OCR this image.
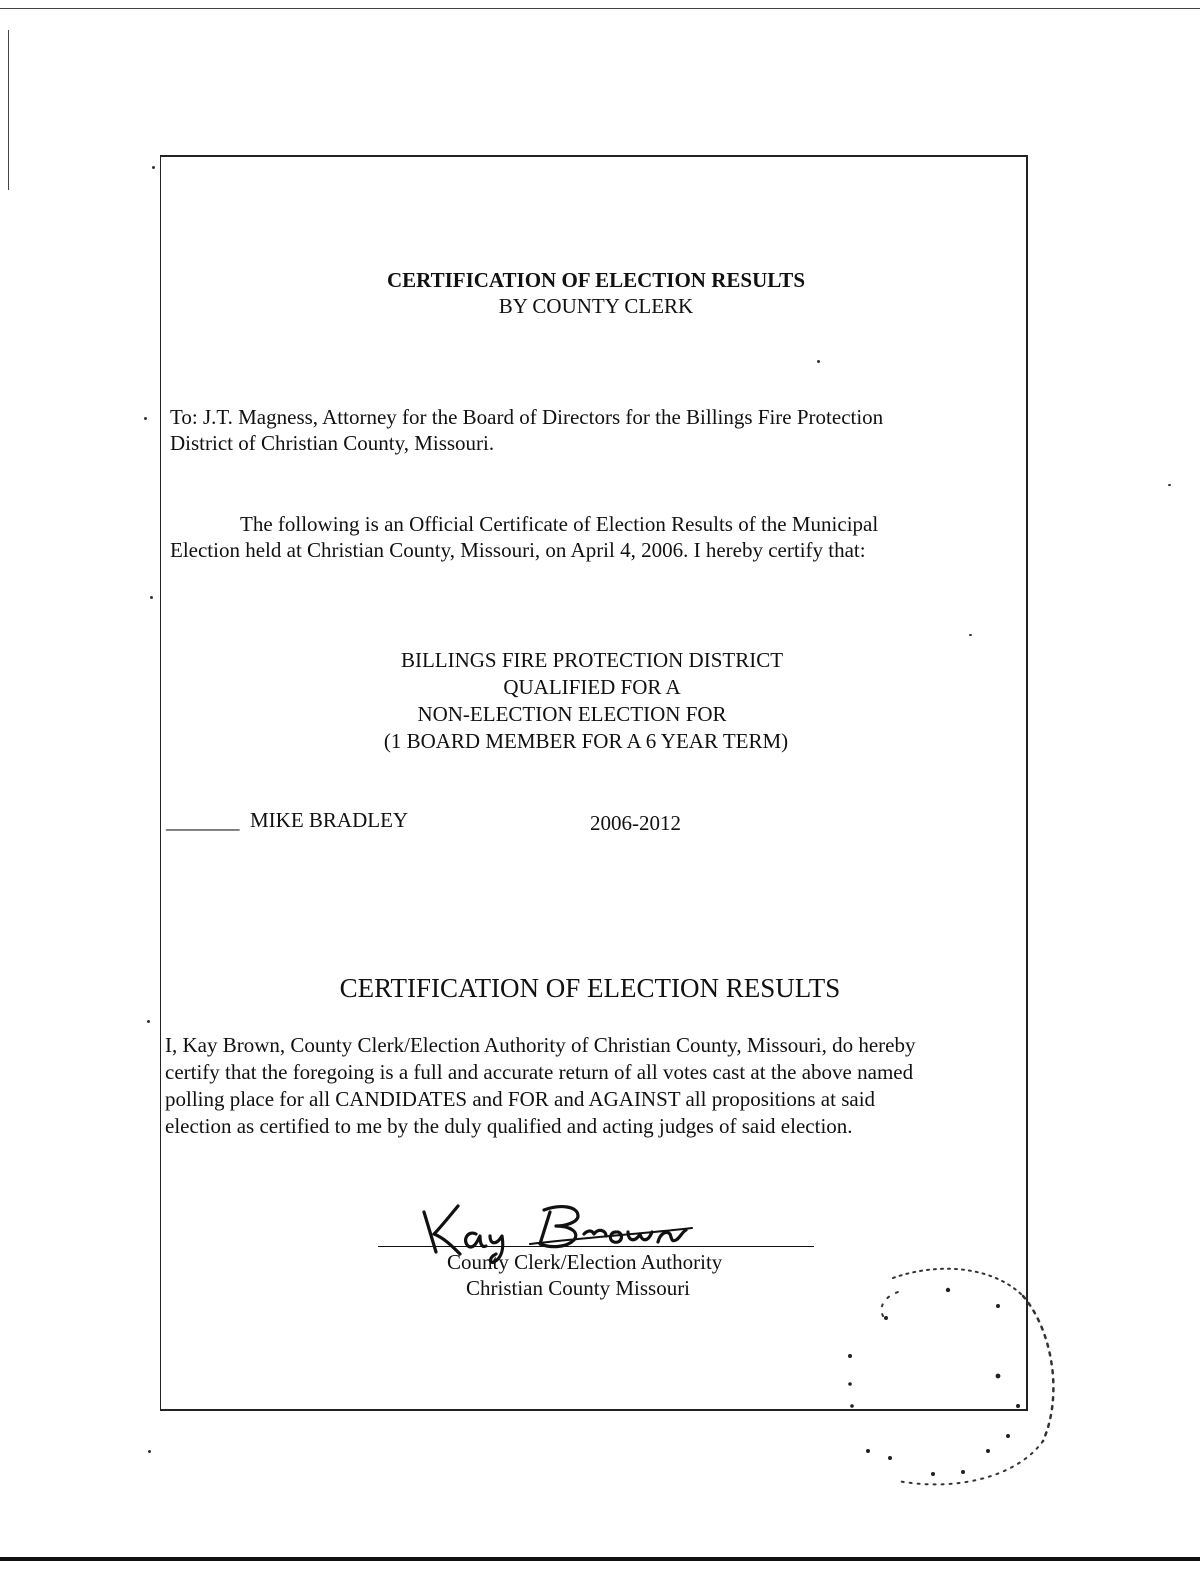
CERTIFICATION OF ELECTION RESULTS
BY COUNTY CLERK
To: J.T. Magness, Attorney for the Board of Directors for the Billings Fire Protection
District of Christian County, Missouri.
The following is an Official Certificate of Election Results of the Municipal
Election held at Christian County, Missouri, on April 4, 2006. I hereby certify that:
BILLINGS FIRE PROTECTION DISTRICT
QUALIFIED FOR A
NON-ELECTION ELECTION FOR
(1 BOARD MEMBER FOR A 6 YEAR TERM)
_______ MIKE BRADLEY	2006-2012
CERTIFICATION OF ELECTION RESULTS
I, Kay Brown, County Clerk/Election Authority of Christian County, Missouri, do hereby
certify that the foregoing is a full and accurate return of all votes cast at the above named
polling place for all CANDIDATES and FOR and AGAINST all propositions at said
election as certified to me by the duly qualified and acting judges of said election.
County Clerk/Election Authority
Christian County Missouri
